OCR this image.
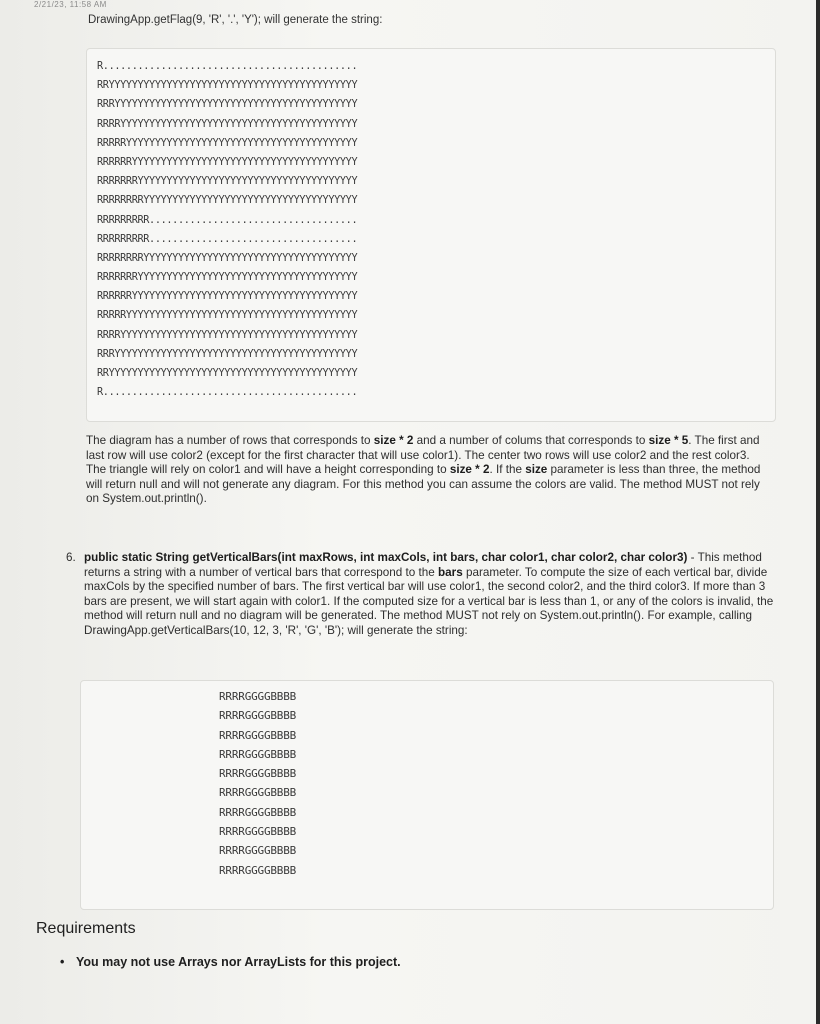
2/21/23, 11:58 AM
DrawingApp.getFlag(9, 'R', '.', 'Y'); will generate the string:
R............................................
RRYYYYYYYYYYYYYYYYYYYYYYYYYYYYYYYYYYYYYYYYYYY
RRRYYYYYYYYYYYYYYYYYYYYYYYYYYYYYYYYYYYYYYYYYY
RRRRYYYYYYYYYYYYYYYYYYYYYYYYYYYYYYYYYYYYYYYYY
RRRRRYYYYYYYYYYYYYYYYYYYYYYYYYYYYYYYYYYYYYYYY
RRRRRRYYYYYYYYYYYYYYYYYYYYYYYYYYYYYYYYYYYYYYY
RRRRRRRYYYYYYYYYYYYYYYYYYYYYYYYYYYYYYYYYYYYYY
RRRRRRRRYYYYYYYYYYYYYYYYYYYYYYYYYYYYYYYYYYYYY
RRRRRRRRR....................................
RRRRRRRRR....................................
RRRRRRRRYYYYYYYYYYYYYYYYYYYYYYYYYYYYYYYYYYYYY
RRRRRRRYYYYYYYYYYYYYYYYYYYYYYYYYYYYYYYYYYYYYY
RRRRRRYYYYYYYYYYYYYYYYYYYYYYYYYYYYYYYYYYYYYYY
RRRRRYYYYYYYYYYYYYYYYYYYYYYYYYYYYYYYYYYYYYYYY
RRRRYYYYYYYYYYYYYYYYYYYYYYYYYYYYYYYYYYYYYYYYY
RRRYYYYYYYYYYYYYYYYYYYYYYYYYYYYYYYYYYYYYYYYYY
RRYYYYYYYYYYYYYYYYYYYYYYYYYYYYYYYYYYYYYYYYYYY
R............................................
The diagram has a number of rows that corresponds to size * 2 and a number of colums that corresponds to size * 5. The first and last row will use color2 (except for the first character that will use color1). The center two rows will use color2 and the rest color3. The triangle will rely on color1 and will have a height corresponding to size * 2. If the size parameter is less than three, the method will return null and will not generate any diagram. For this method you can assume the colors are valid. The method MUST not rely on System.out.println().
6. public static String getVerticalBars(int maxRows, int maxCols, int bars, char color1, char color2, char color3) - This method returns a string with a number of vertical bars that correspond to the bars parameter. To compute the size of each vertical bar, divide maxCols by the specified number of bars. The first vertical bar will use color1, the second color2, and the third color3. If more than 3 bars are present, we will start again with color1. If the computed size for a vertical bar is less than 1, or any of the colors is invalid, the method will return null and no diagram will be generated. The method MUST not rely on System.out.println(). For example, calling DrawingApp.getVerticalBars(10, 12, 3, 'R', 'G', 'B'); will generate the string:
RRRRGGGGBBBB
RRRRGGGGBBBB
RRRRGGGGBBBB
RRRRGGGGBBBB
RRRRGGGGBBBB
RRRRGGGGBBBB
RRRRGGGGBBBB
RRRRGGGGBBBB
RRRRGGGGBBBB
RRRRGGGGBBBB
Requirements
• You may not use Arrays nor ArrayLists for this project.
